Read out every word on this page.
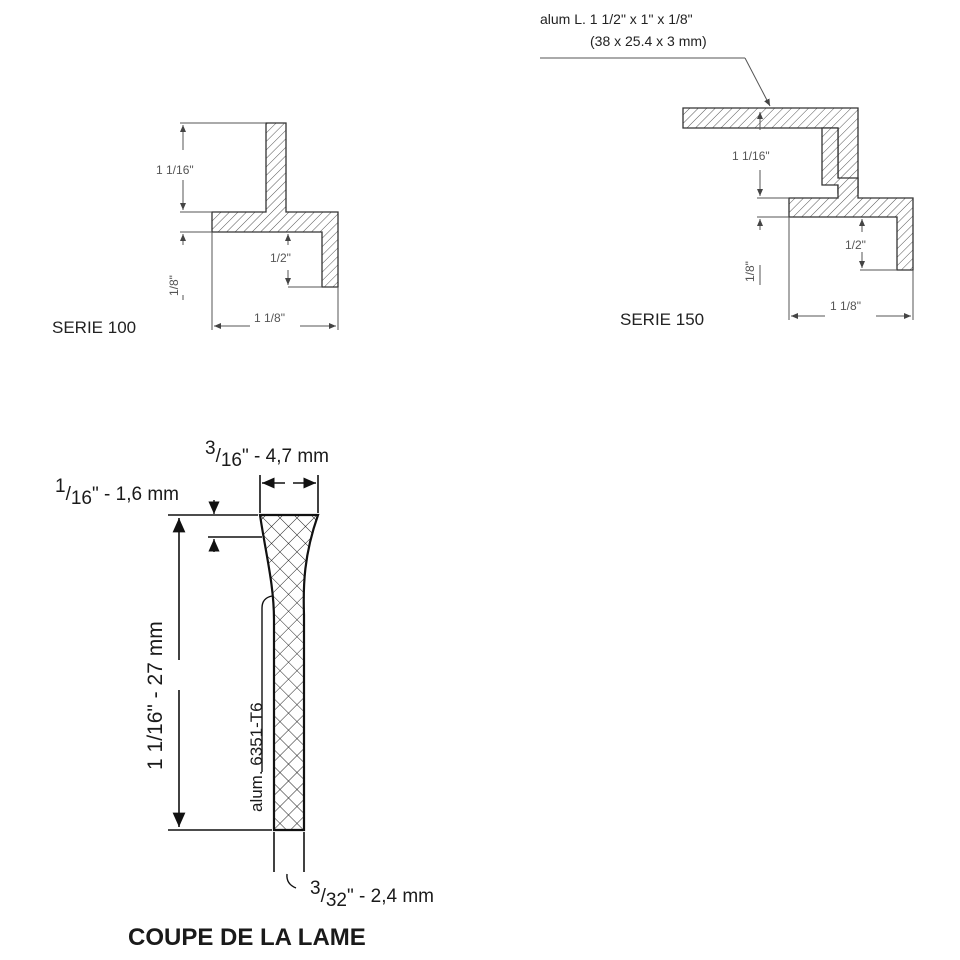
1 1/16"
1/8"
1/2"
1 1/8"
SERIE 100
alum L. 1 1/2" x 1" x 1/8"
(38 x 25.4 x 3 mm)
1 1/16"
1/8"
1/2"
1 1/8"
SERIE 150
3/16" - 4,7 mm
1/16" - 1,6 mm
1 1/16" - 27 mm	alum. 6351-T6
3/32" - 2,4 mm
COUPE DE LA LAME
